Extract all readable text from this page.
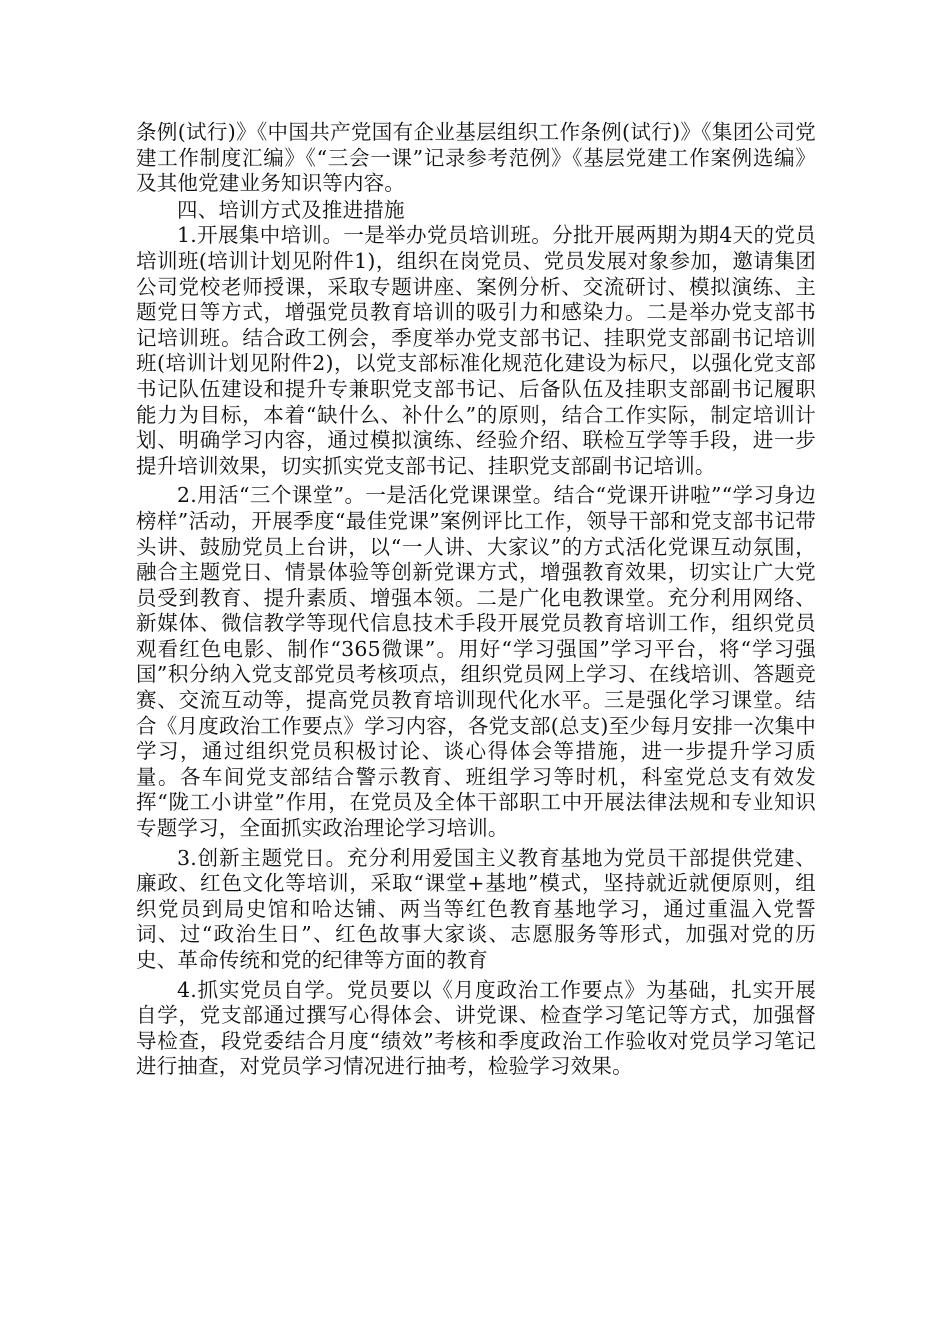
条例(试行)》《中国共产党国有企业基层组织工作条例(试行)》《集团公司党建工作制度汇编》《“三会一课”记录参考范例》《基层党建工作案例选编》及其他党建业务知识等内容。

四、培训方式及推进措施

1.开展集中培训。一是举办党员培训班。分批开展两期为期4天的党员培训班(培训计划见附件1)，组织在岗党员、党员发展对象参加，邀请集团公司党校老师授课，采取专题讲座、案例分析、交流研讨、模拟演练、主题党日等方式，增强党员教育培训的吸引力和感染力。二是举办党支部书记培训班。结合政工例会，季度举办党支部书记、挂职党支部副书记培训班(培训计划见附件2)，以党支部标准化规范化建设为标尺，以强化党支部书记队伍建设和提升专兼职党支部书记、后备队伍及挂职支部副书记履职能力为目标，本着“缺什么、补什么”的原则，结合工作实际，制定培训计划、明确学习内容，通过模拟演练、经验介绍、联检互学等手段，进一步提升培训效果，切实抓实党支部书记、挂职党支部副书记培训。

2.用活“三个课堂”。一是活化党课课堂。结合“党课开讲啦”“学习身边榜样”活动，开展季度“最佳党课”案例评比工作，领导干部和党支部书记带头讲、鼓励党员上台讲，以“一人讲、大家议”的方式活化党课互动氛围，融合主题党日、情景体验等创新党课方式，增强教育效果，切实让广大党员受到教育、提升素质、增强本领。二是广化电教课堂。充分利用网络、新媒体、微信教学等现代信息技术手段开展党员教育培训工作，组织党员观看红色电影、制作“365微课”。用好“学习强国”学习平台，将“学习强国”积分纳入党支部党员考核项点，组织党员网上学习、在线培训、答题竞赛、交流互动等，提高党员教育培训现代化水平。三是强化学习课堂。结合《月度政治工作要点》学习内容，各党支部(总支)至少每月安排一次集中学习，通过组织党员积极讨论、谈心得体会等措施，进一步提升学习质量。各车间党支部结合警示教育、班组学习等时机，科室党总支有效发挥“陇工小讲堂”作用，在党员及全体干部职工中开展法律法规和专业知识专题学习，全面抓实政治理论学习培训。

3.创新主题党日。充分利用爱国主义教育基地为党员干部提供党建、廉政、红色文化等培训，采取“课堂+基地”模式，坚持就近就便原则，组织党员到局史馆和哈达铺、两当等红色教育基地学习，通过重温入党誓词、过“政治生日”、红色故事大家谈、志愿服务等形式，加强对党的历史、革命传统和党的纪律等方面的教育

4.抓实党员自学。党员要以《月度政治工作要点》为基础，扎实开展自学，党支部通过撰写心得体会、讲党课、检查学习笔记等方式，加强督导检查，段党委结合月度“绩效”考核和季度政治工作验收对党员学习笔记进行抽查，对党员学习情况进行抽考，检验学习效果。
